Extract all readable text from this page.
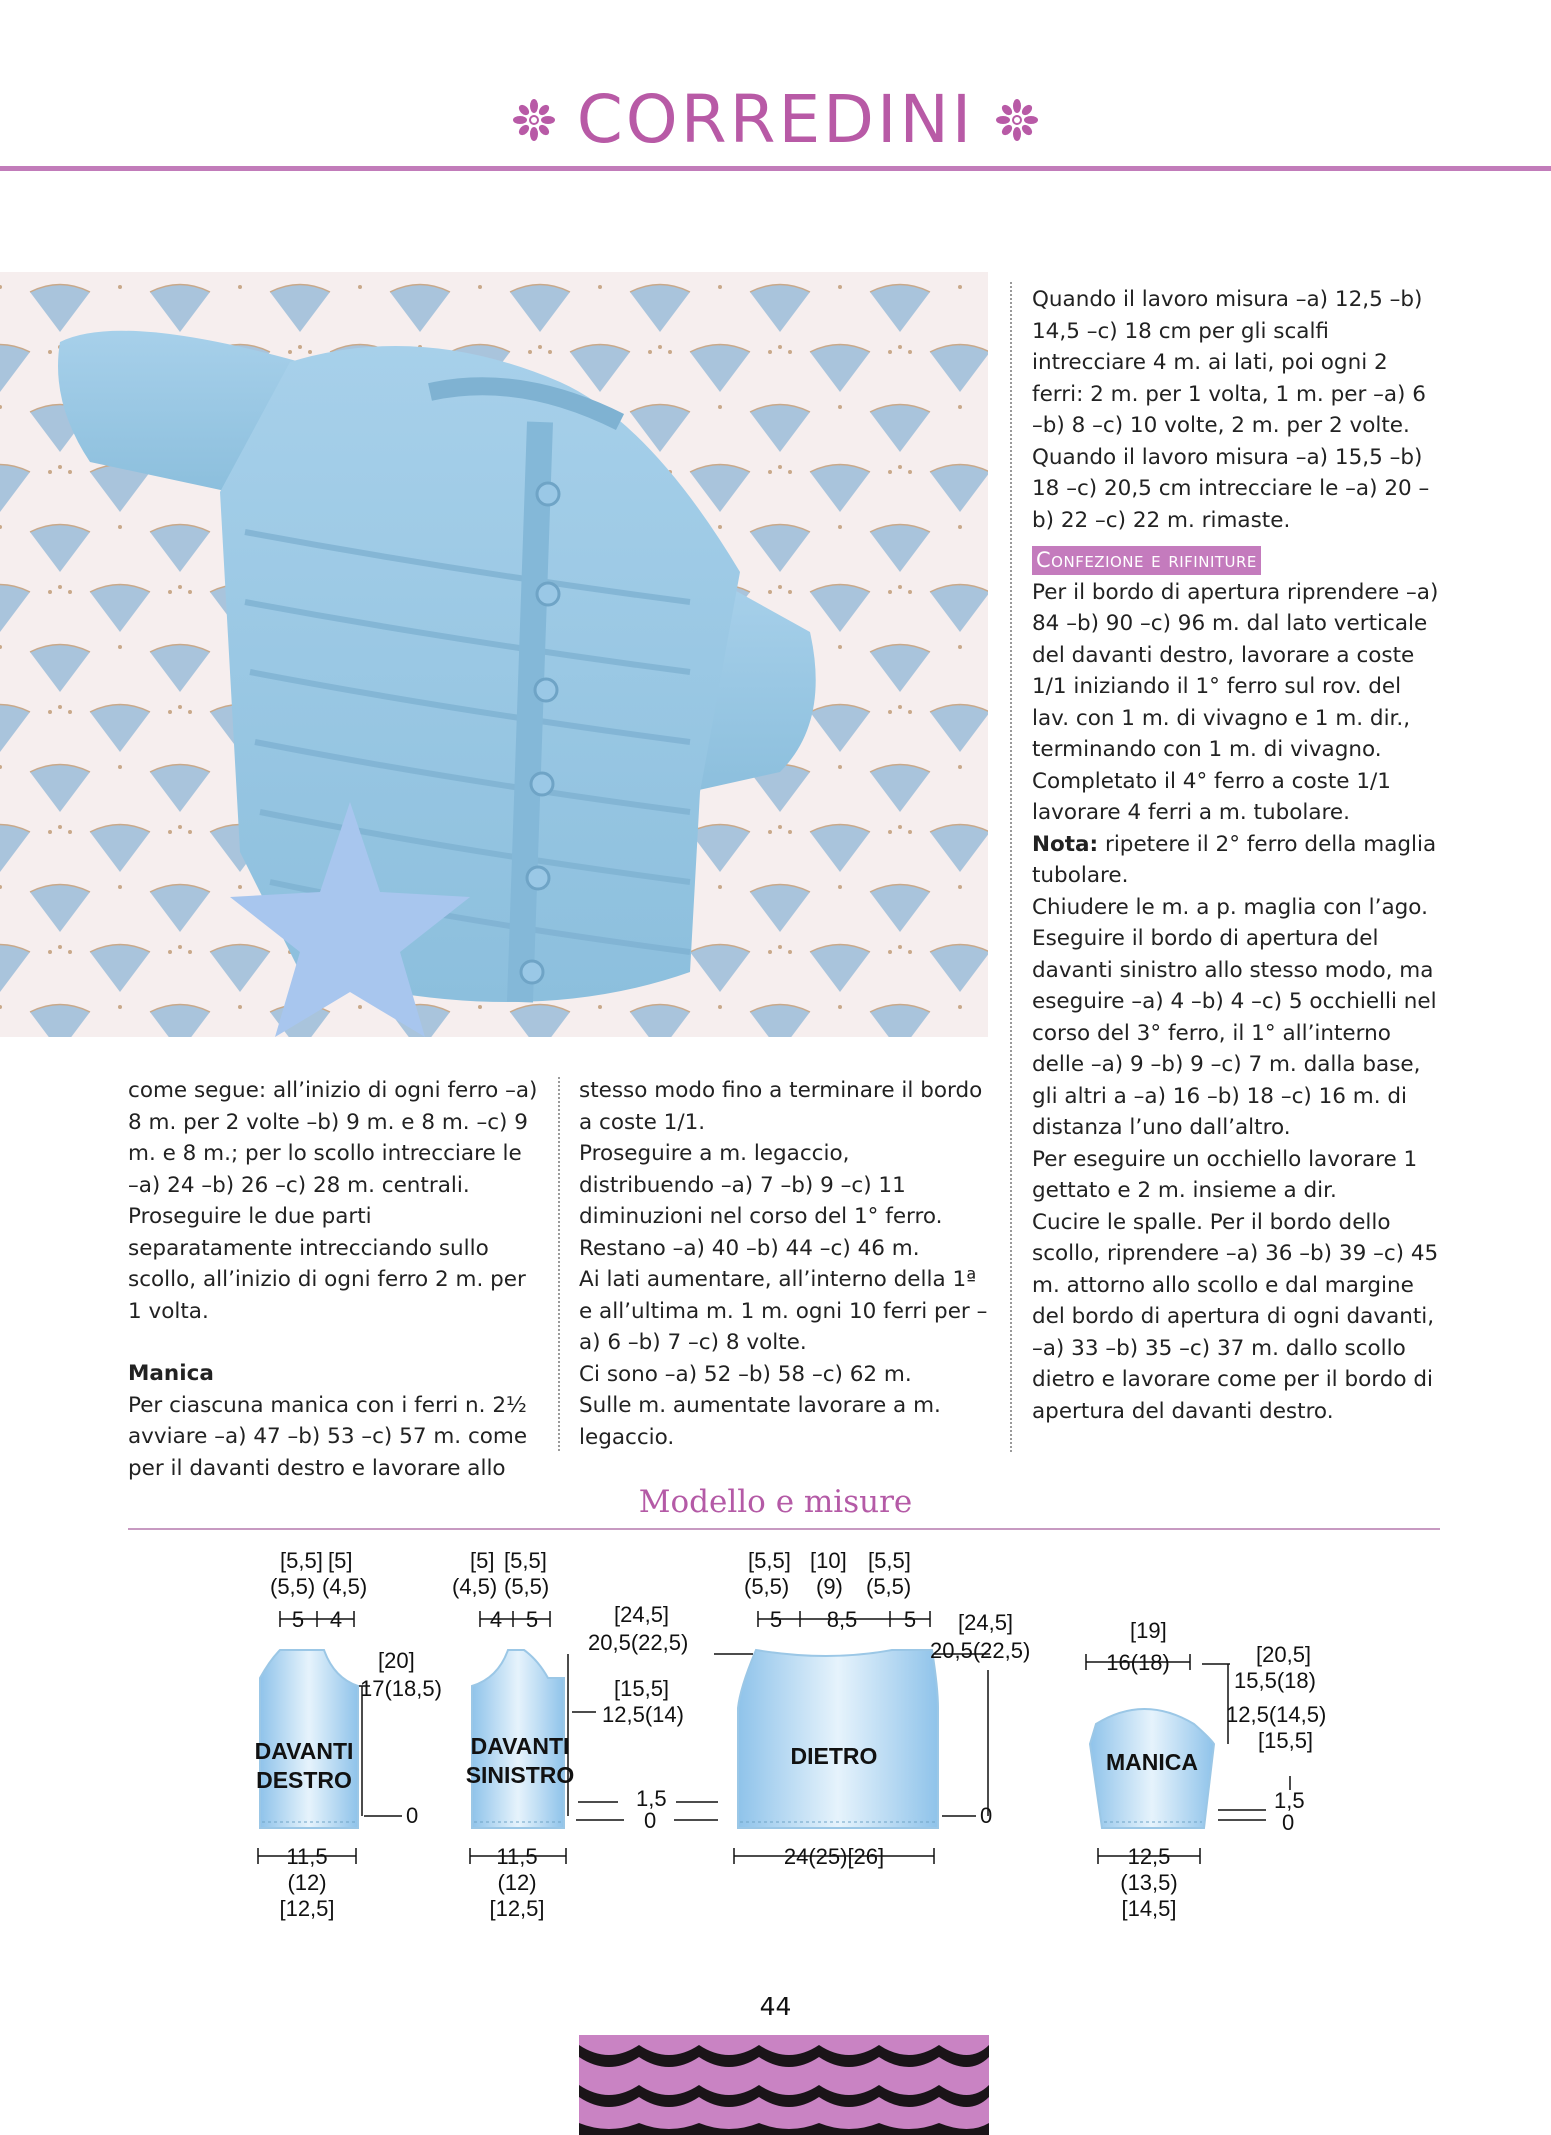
CORREDINI

come segue: all’inizio di ogni ferro –a) 8 m. per 2 volte –b) 9 m. e 8 m. –c) 9 m. e 8 m.; per lo scollo intrecciare le –a) 24 –b) 26 –c) 28 m. centrali. Proseguire le due parti separatamente intrecciando sullo scollo, all’inizio di ogni ferro 2 m. per 1 volta.

Manica

Per ciascuna manica con i ferri n. 2½ avviare –a) 47 –b) 53 –c) 57 m. come per il davanti destro e lavorare allo

stesso modo fino a terminare il bordo a coste 1/1.

Proseguire a m. legaccio, distribuendo –a) 7 –b) 9 –c) 11 diminuzioni nel corso del 1° ferro.

Restano –a) 40 –b) 44 –c) 46 m.

Ai lati aumentare, all’interno della 1ª e all’ultima m. 1 m. ogni 10 ferri per –a) 6 –b) 7 –c) 8 volte.

Ci sono –a) 52 –b) 58 –c) 62 m.

Sulle m. aumentate lavorare a m. legaccio.

Quando il lavoro misura –a) 12,5 –b) 14,5 –c) 18 cm per gli scalfi intrecciare 4 m. ai lati, poi ogni 2 ferri: 2 m. per 1 volta, 1 m. per –a) 6 –b) 8 –c) 10 volte, 2 m. per 2 volte.

Quando il lavoro misura –a) 15,5 –b) 18 –c) 20,5 cm intrecciare le –a) 20 –b) 22 –c) 22 m. rimaste.

Confezione e rifiniture

Per il bordo di apertura riprendere –a) 84 –b) 90 –c) 96 m. dal lato verticale del davanti destro, lavorare a coste 1/1 iniziando il 1° ferro sul rov. del lav. con 1 m. di vivagno e 1 m. dir., terminando con 1 m. di vivagno.

Completato il 4° ferro a coste 1/1 lavorare 4 ferri a m. tubolare.

Nota: ripetere il 2° ferro della maglia tubolare.

Chiudere le m. a p. maglia con l’ago.

Eseguire il bordo di apertura del davanti sinistro allo stesso modo, ma eseguire –a) 4 –b) 4 –c) 5 occhielli nel corso del 3° ferro, il 1° all’interno delle –a) 9 –b) 9 –c) 7 m. dalla base, gli altri a –a) 16 –b) 18 –c) 16 m. di distanza l’uno dall’altro.

Per eseguire un occhiello lavorare 1 gettato e 2 m. insieme a dir.

Cucire le spalle. Per il bordo dello scollo, riprendere –a) 36 –b) 39 –c) 45 m. attorno allo scollo e dal margine del bordo di apertura di ogni davanti, –a) 33 –b) 35 –c) 37 m. dallo scollo dietro e lavorare come per il bordo di apertura del davanti destro.

Modello e misure
DAVANTI
DESTRO
[5,5] [5]
(5,5) (4,5)
5 4
[20]
17(18,5)
0
11,5
(12)
[12,5]
DAVANTI
SINISTRO
[5] [5,5]
(4,5) (5,5)
4 5	[24,5]
20,5(22,5)
[15,5]
12,5(14)
1,5
0
11,5
(12)
[12,5]
DIETRO
[5,5] [10] [5,5]
(5,5) (9) (5,5)
5 8,5 5 [24,5]
20,5(22,5)
0
24(25)[26]
MANICA
[19]
16(18)	[20,5]
15,5(18)
12,5(14,5)
[15,5]
1,5
0
12,5
(13,5)
[14,5]
44
